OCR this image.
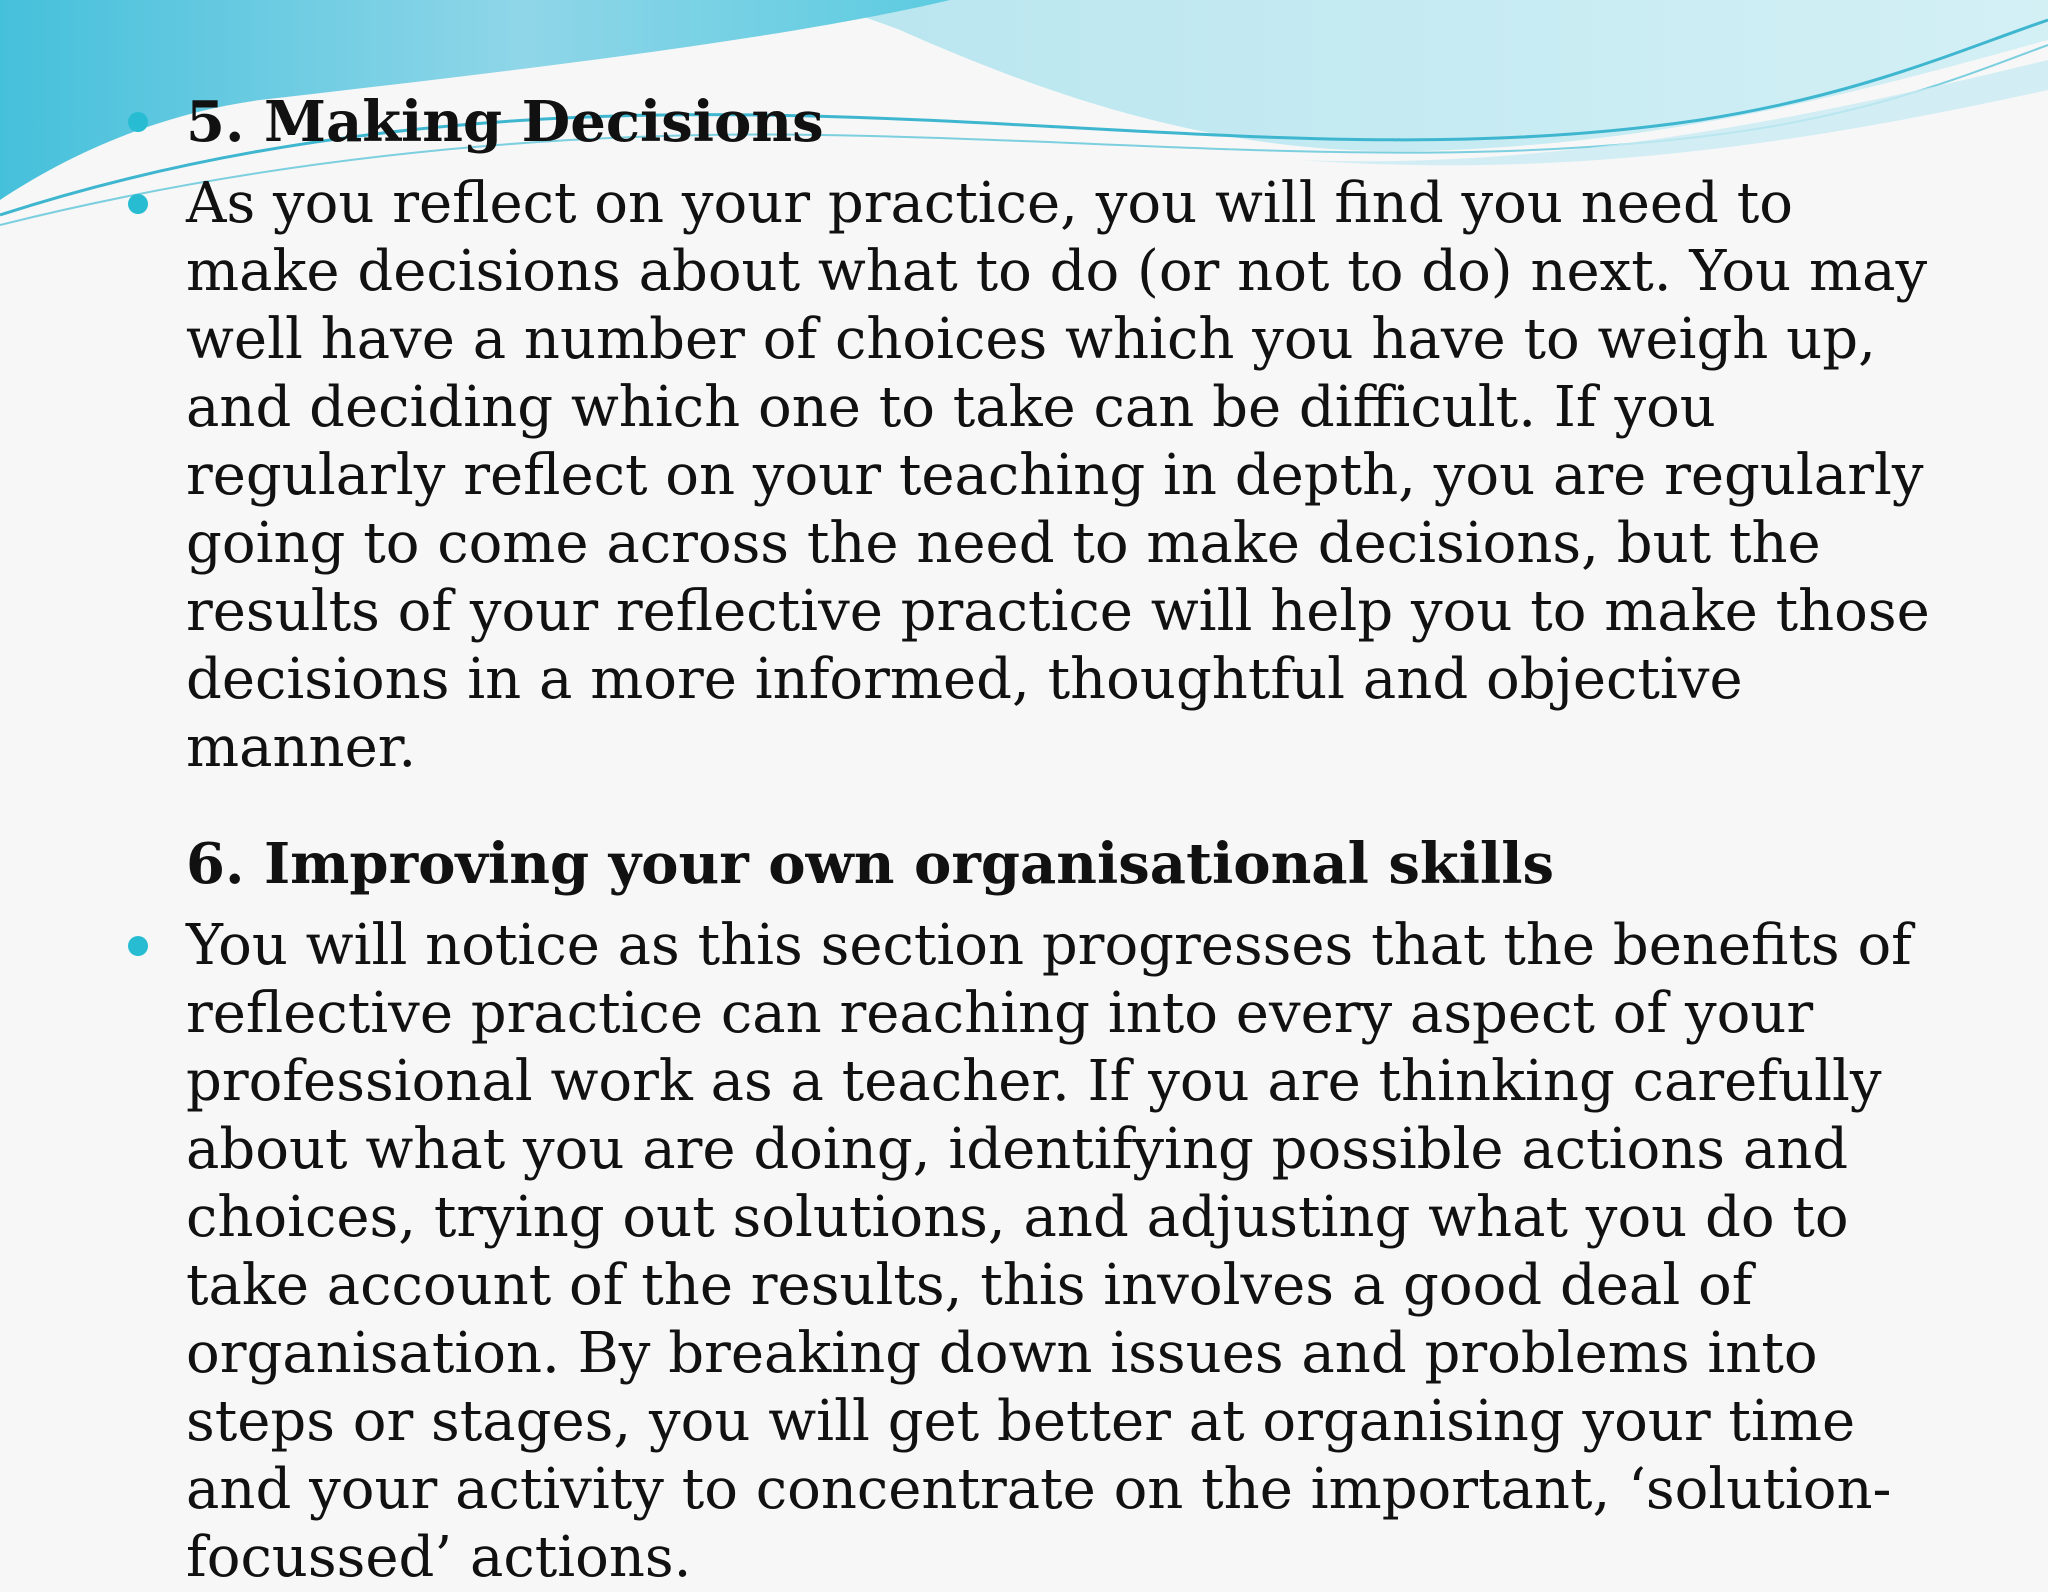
5. Making Decisions
As you reflect on your practice, you will find you need to make decisions about what to do (or not to do) next. You may well have a number of choices which you have to weigh up, and deciding which one to take can be difficult. If you regularly reflect on your teaching in depth, you are regularly going to come across the need to make decisions, but the results of your reflective practice will help you to make those decisions in a more informed, thoughtful and objective manner.
6. Improving your own organisational skills
You will notice as this section progresses that the benefits of reflective practice can reaching into every aspect of your professional work as a teacher. If you are thinking carefully about what you are doing, identifying possible actions and choices, trying out solutions, and adjusting what you do to take account of the results, this involves a good deal of organisation. By breaking down issues and problems into steps or stages, you will get better at organising your time and your activity to concentrate on the important, ‘solution-focussed’ actions.
